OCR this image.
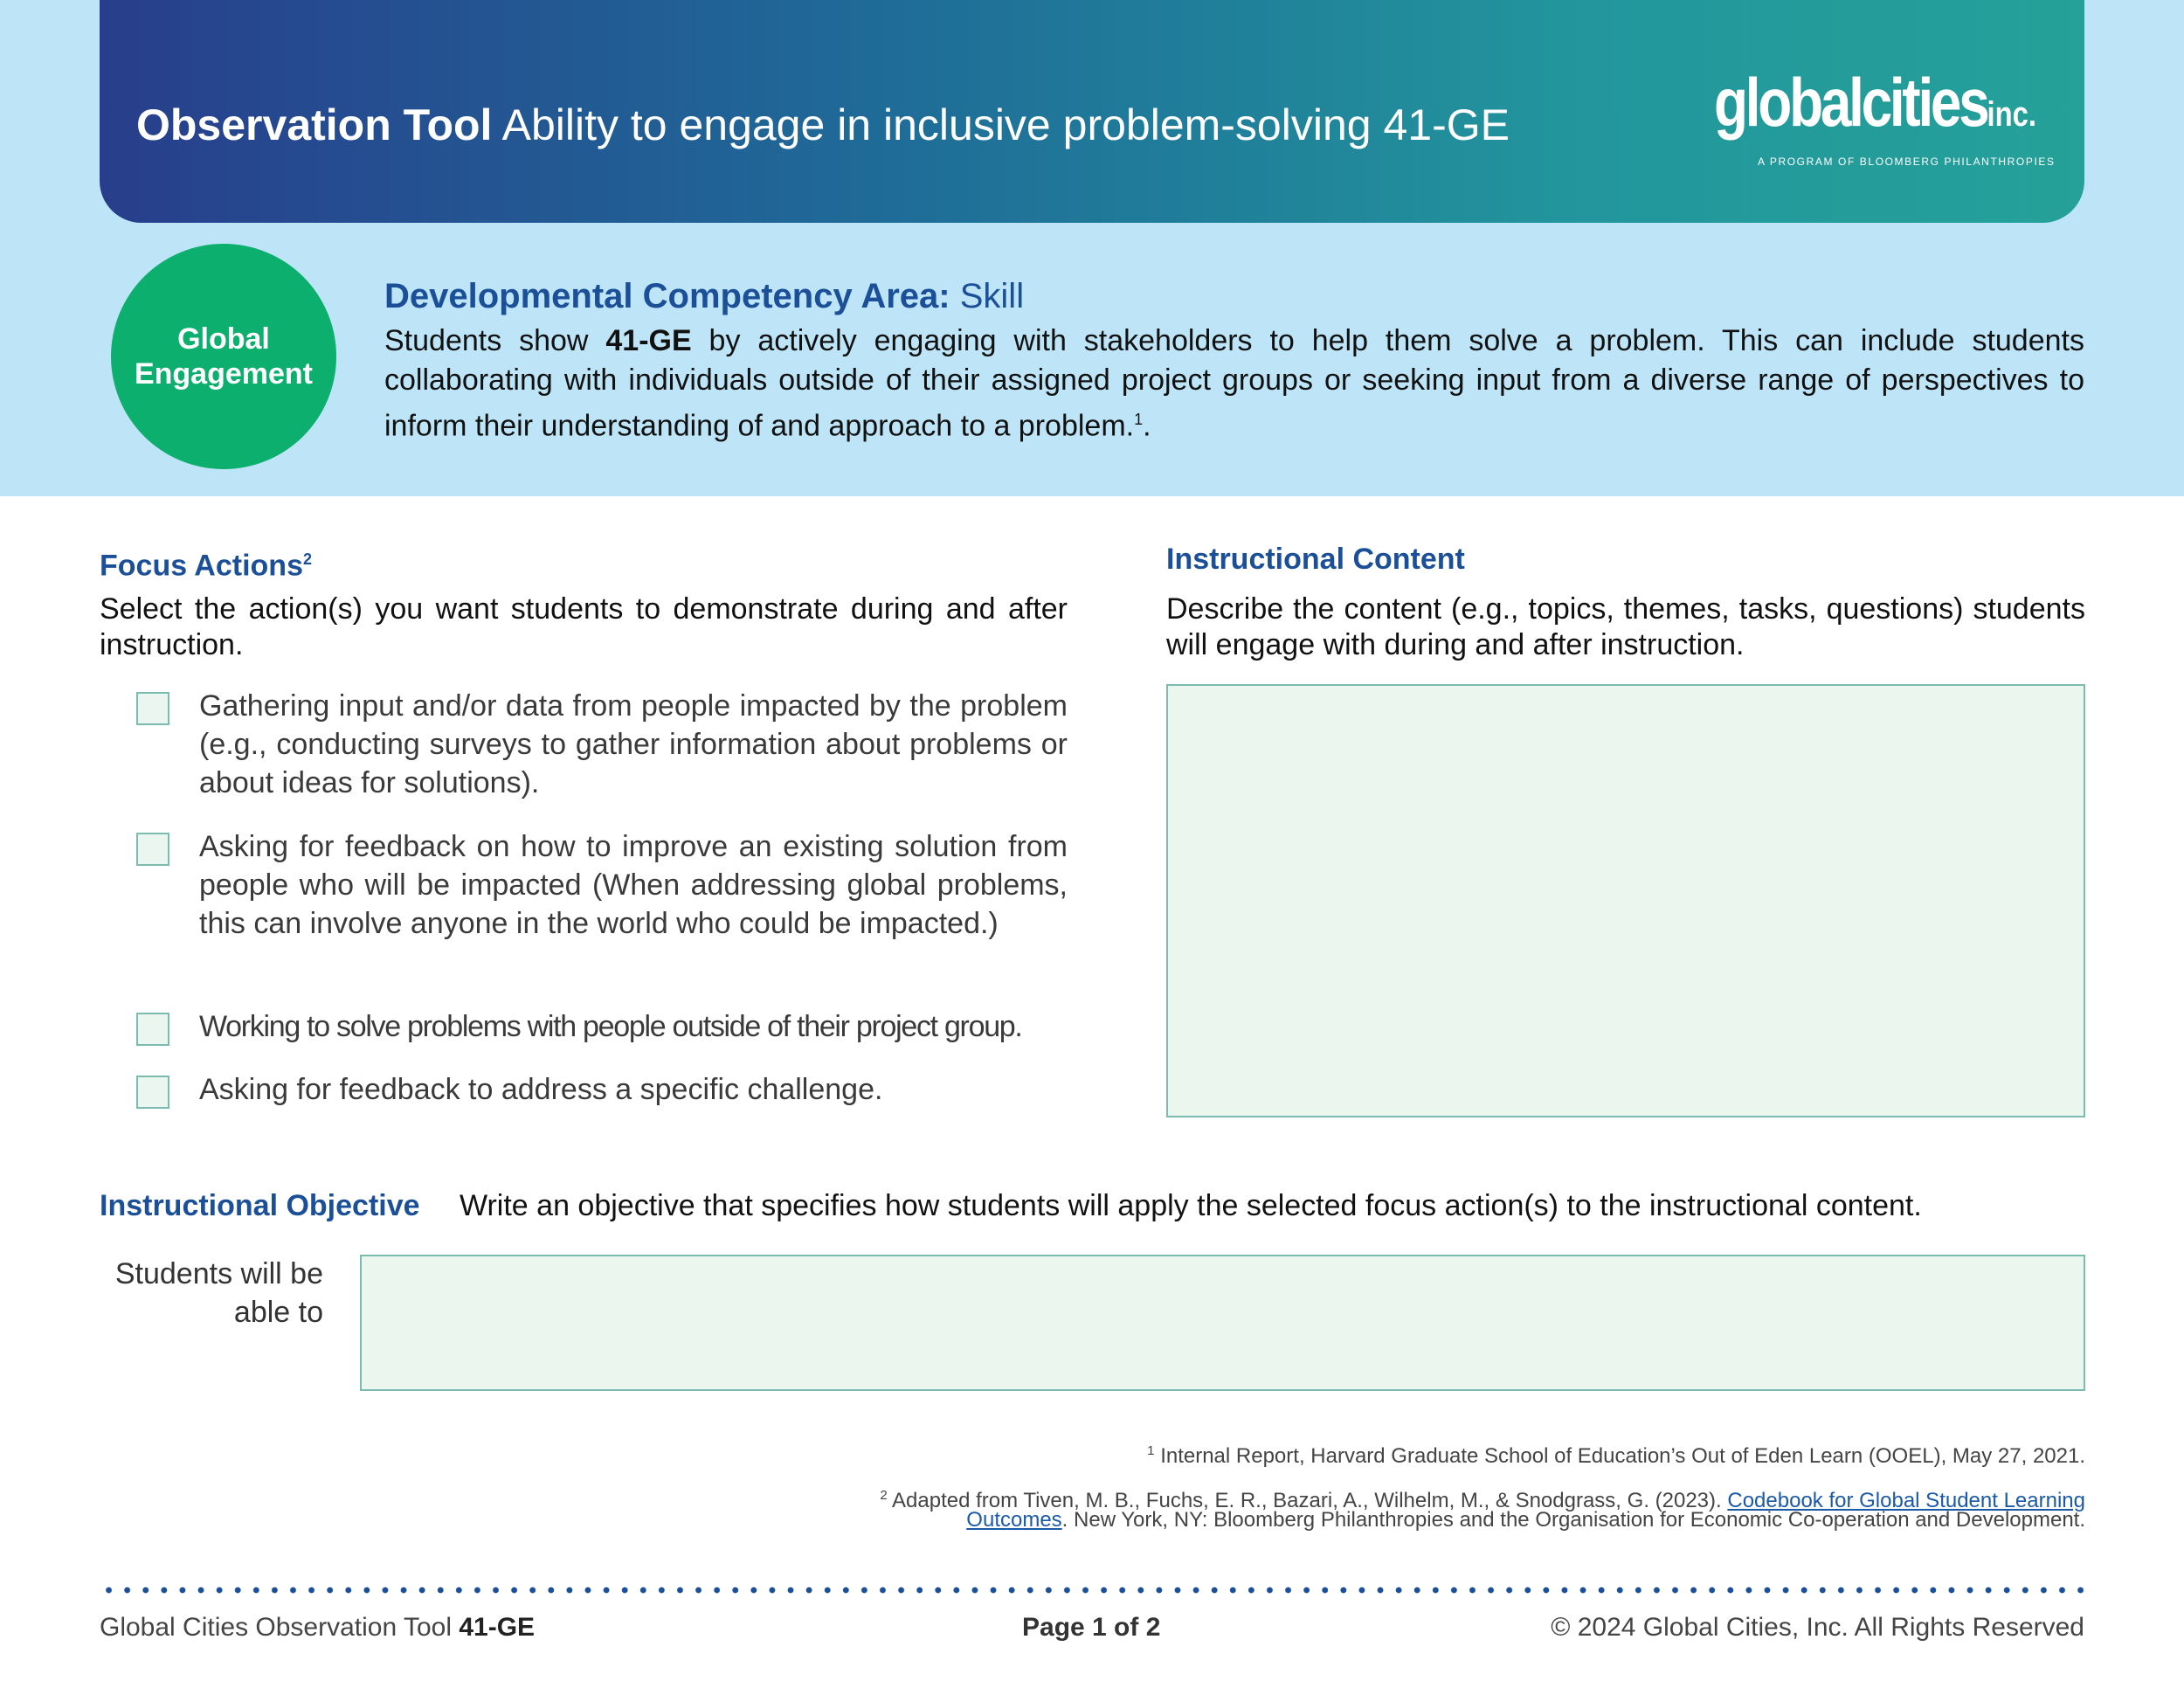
Observation Tool Ability to engage in inclusive problem-solving 41-GE	globalcitiesinc.
A PROGRAM OF BLOOMBERG PHILANTHROPIES
Global
Engagement
Developmental Competency Area: Skill
Students show 41-GE by actively engaging with stakeholders to help them solve a problem. This can include students collaborating with individuals outside of their assigned project groups or seeking input from a diverse range of perspectives to inform their understanding of and approach to a problem.$^1$.
Focus Actions$^2$
Select the action(s) you want students to demonstrate during and after instruction.
Gathering input and/or data from people impacted by the problem (e.g., conducting surveys to gather information about problems or about ideas for solutions).
Asking for feedback on how to improve an existing solution from people who will be impacted (When addressing global problems, this can involve anyone in the world who could be impacted.)
Working to solve problems with people outside of their project group.
Asking for feedback to address a specific challenge.
Instructional Content
Describe the content (e.g., topics, themes, tasks, questions) students will engage with during and after instruction.
Instructional Objective Write an objective that specifies how students will apply the selected focus action(s) to the instructional content.
Students will be able to
$^1$ Internal Report, Harvard Graduate School of Education’s Out of Eden Learn (OOEL), May 27, 2021.
$^2$ Adapted from Tiven, M. B., Fuchs, E. R., Bazari, A., Wilhelm, M., & Snodgrass, G. (2023). Codebook for Global Student Learning
Outcomes. New York, NY: Bloomberg Philanthropies and the Organisation for Economic Co-operation and Development.
Global Cities Observation Tool 41-GE	Page 1 of 2	© 2024 Global Cities, Inc. All Rights Reserved
